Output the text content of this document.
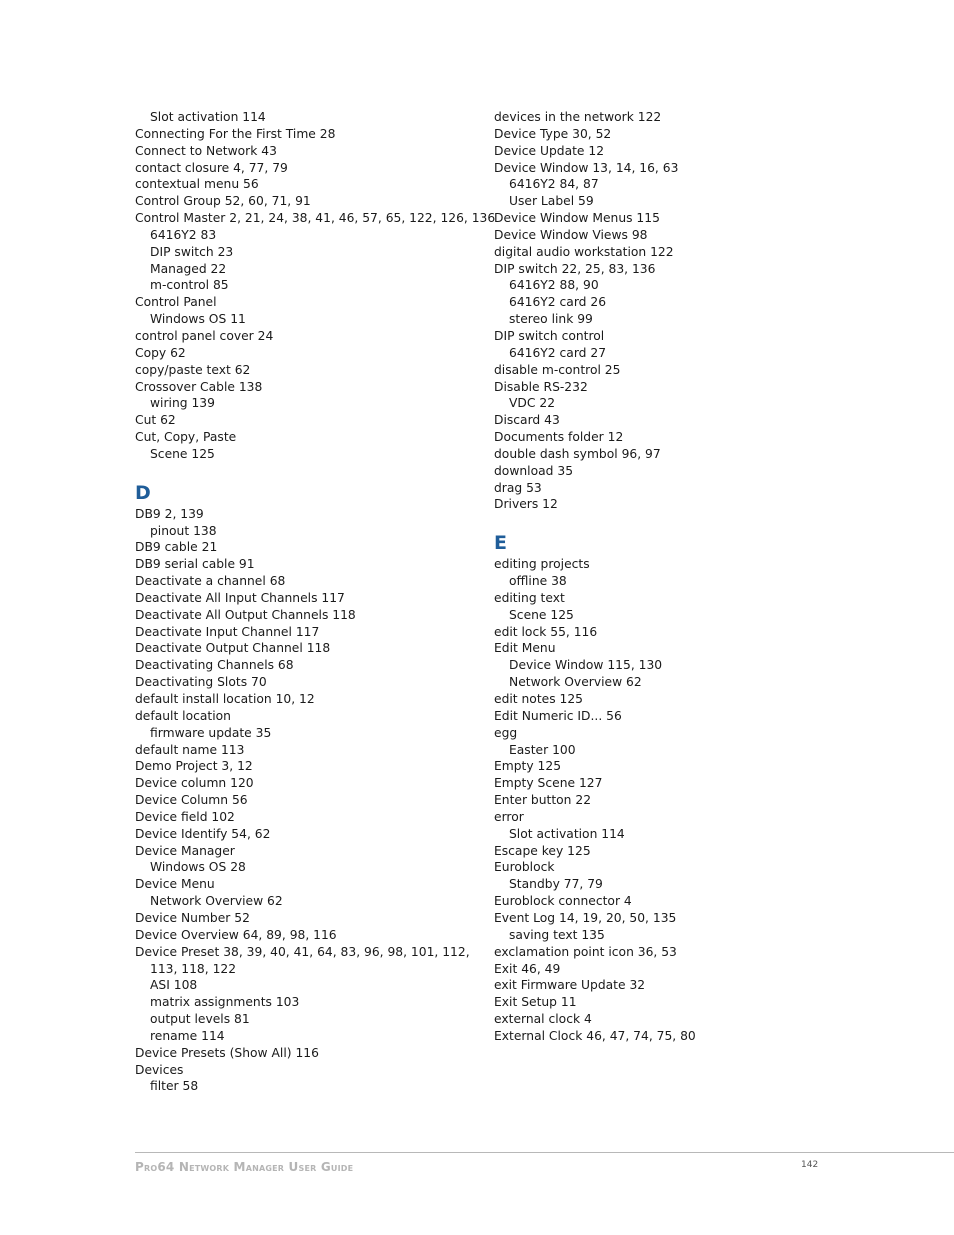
Slot activation 114
Connecting For the First Time 28
Connect to Network 43
contact closure 4, 77, 79
contextual menu 56
Control Group 52, 60, 71, 91
Control Master 2, 21, 24, 38, 41, 46, 57, 65, 122, 126, 136
6416Y2 83
DIP switch 23
Managed 22
m-control 85
Control Panel
Windows OS 11
control panel cover 24
Copy 62
copy/paste text 62
Crossover Cable 138
wiring 139
Cut 62
Cut, Copy, Paste
Scene 125
D
DB9 2, 139
pinout 138
DB9 cable 21
DB9 serial cable 91
Deactivate a channel 68
Deactivate All Input Channels 117
Deactivate All Output Channels 118
Deactivate Input Channel 117
Deactivate Output Channel 118
Deactivating Channels 68
Deactivating Slots 70
default install location 10, 12
default location
firmware update 35
default name 113
Demo Project 3, 12
Device column 120
Device Column 56
Device field 102
Device Identify 54, 62
Device Manager
Windows OS 28
Device Menu
Network Overview 62
Device Number 52
Device Overview 64, 89, 98, 116
Device Preset 38, 39, 40, 41, 64, 83, 96, 98, 101, 112, 113, 118, 122
ASI 108
matrix assignments 103
output levels 81
rename 114
Device Presets (Show All) 116
Devices
filter 58
devices in the network 122
Device Type 30, 52
Device Update 12
Device Window 13, 14, 16, 63
6416Y2 84, 87
User Label 59
Device Window Menus 115
Device Window Views 98
digital audio workstation 122
DIP switch 22, 25, 83, 136
6416Y2 88, 90
6416Y2 card 26
stereo link 99
DIP switch control
6416Y2 card 27
disable m-control 25
Disable RS-232
VDC 22
Discard 43
Documents folder 12
double dash symbol 96, 97
download 35
drag 53
Drivers 12
E
editing projects
offline 38
editing text
Scene 125
edit lock 55, 116
Edit Menu
Device Window 115, 130
Network Overview 62
edit notes 125
Edit Numeric ID... 56
egg
Easter 100
Empty 125
Empty Scene 127
Enter button 22
error
Slot activation 114
Escape key 125
Euroblock
Standby 77, 79
Euroblock connector 4
Event Log 14, 19, 20, 50, 135
saving text 135
exclamation point icon 36, 53
Exit 46, 49
exit Firmware Update 32
Exit Setup 11
external clock 4
External Clock 46, 47, 74, 75, 80
Pro64 Network Manager User Guide	142
